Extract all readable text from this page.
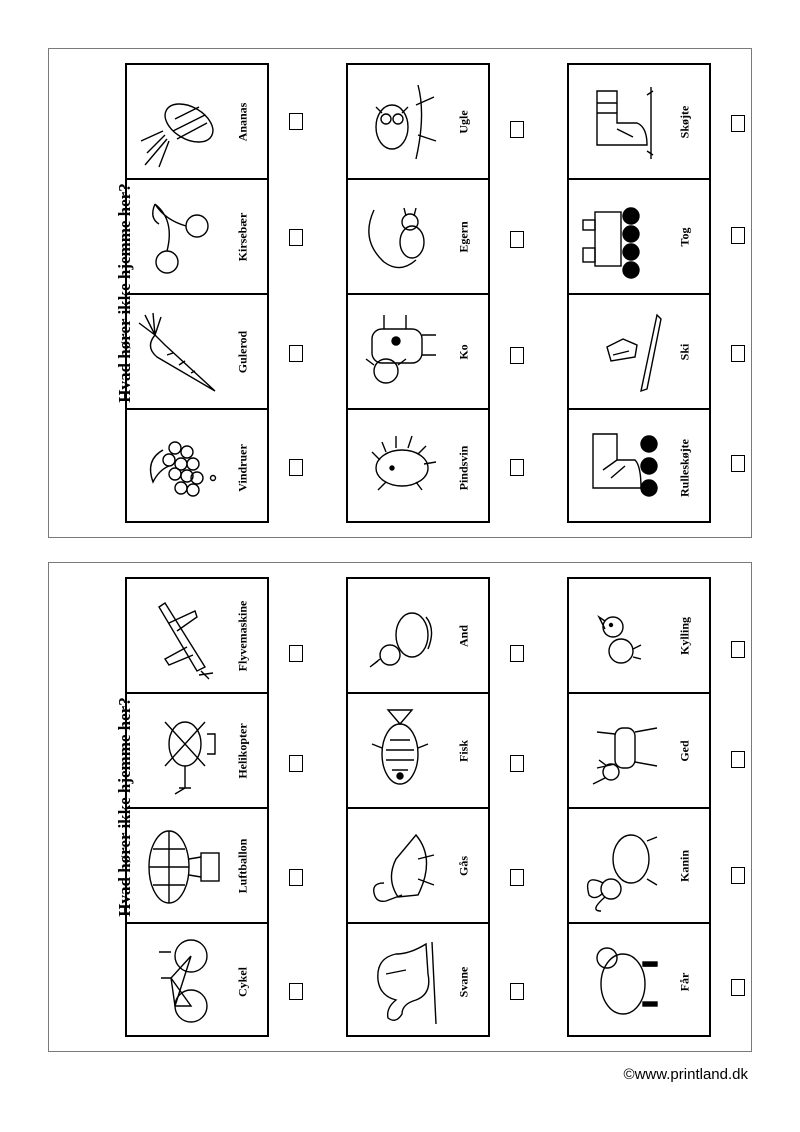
Hvad hører ikke hjemme her?
Ananas
Kirsebær
Gulerod
Vindruer
Ugle
Egern
Ko
Pindsvin
Skøjte
Tog
Ski
Rulleskøjte
Hvad hører ikke hjemme her?
Flyvemaskine
Helikopter
Luftballon
Cykel
And
Fisk
Gås
Svane
Kylling
Ged
Kanin
Får
©www.printland.dk
